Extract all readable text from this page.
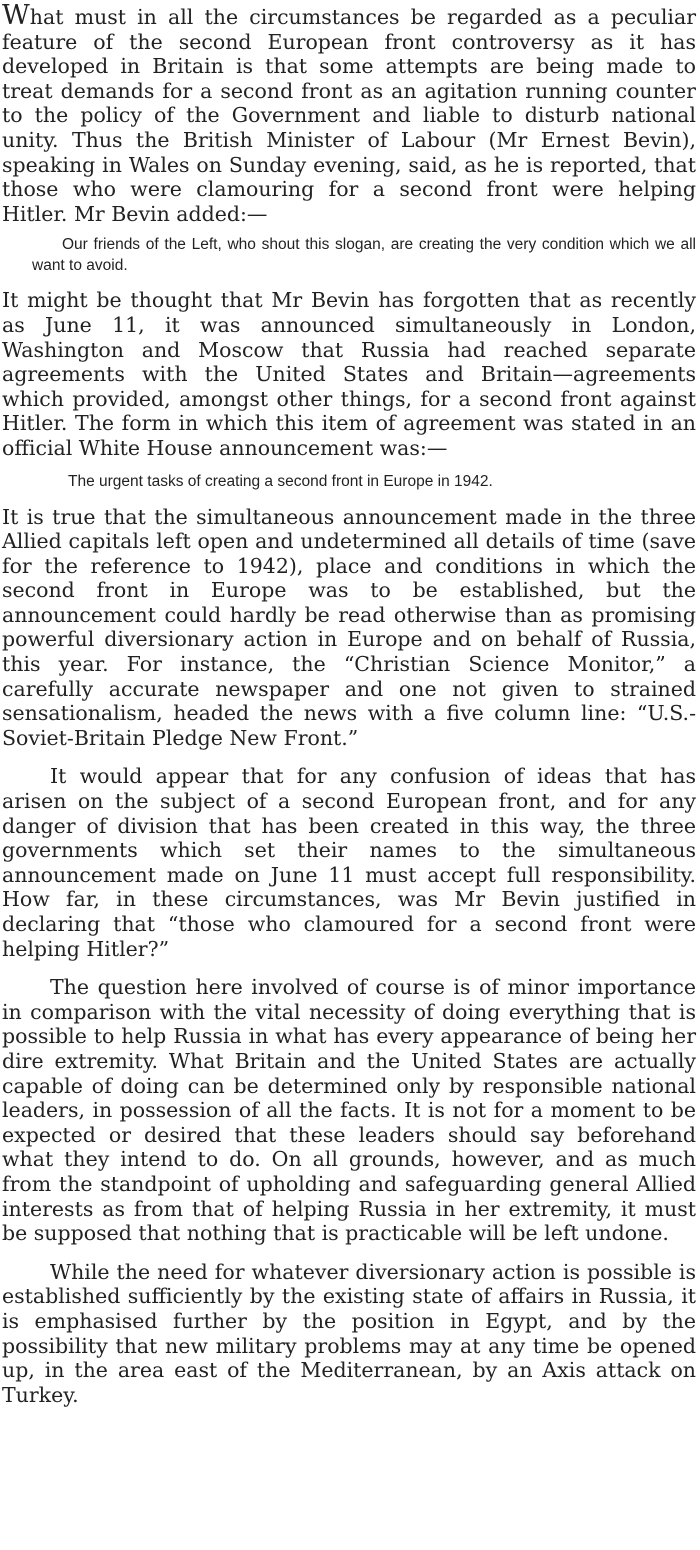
What must in all the circumstances be regarded as a peculiar feature of the second European front controversy as it has developed in Britain is that some attempts are being made to treat demands for a second front as an agitation running counter to the policy of the Government and liable to disturb national unity. Thus the British Minister of Labour (Mr Ernest Bevin), speaking in Wales on Sunday evening, said, as he is reported, that those who were clamouring for a second front were helping Hitler. Mr Bevin added:—

Our friends of the Left, who shout this slogan, are creating the very condition which we all want to avoid.

It might be thought that Mr Bevin has forgotten that as recently as June 11, it was announced simultaneously in London, Washington and Moscow that Russia had reached separate agreements with the United States and Britain—agreements which provided, amongst other things, for a second front against Hitler. The form in which this item of agreement was stated in an official White House announcement was:—

The urgent tasks of creating a second front in Europe in 1942.

It is true that the simultaneous announcement made in the three Allied capitals left open and undetermined all details of time (save for the reference to 1942), place and conditions in which the second front in Europe was to be established, but the announcement could hardly be read otherwise than as promising powerful diversionary action in Europe and on behalf of Russia, this year. For instance, the “Christian Science Monitor,” a carefully accurate newspaper and one not given to strained sensationalism, headed the news with a five column line: “U.S.-Soviet-Britain Pledge New Front.”

It would appear that for any confusion of ideas that has arisen on the subject of a second European front, and for any danger of division that has been created in this way, the three governments which set their names to the simultaneous announcement made on June 11 must accept full responsibility. How far, in these circumstances, was Mr Bevin justified in declaring that “those who clamoured for a second front were helping Hitler?”

The question here involved of course is of minor importance in comparison with the vital necessity of doing everything that is possible to help Russia in what has every appearance of being her dire extremity. What Britain and the United States are actually capable of doing can be determined only by responsible national leaders, in possession of all the facts. It is not for a moment to be expected or desired that these leaders should say beforehand what they intend to do. On all grounds, however, and as much from the standpoint of upholding and safeguarding general Allied interests as from that of helping Russia in her extremity, it must be supposed that nothing that is practicable will be left undone.

While the need for whatever diversionary action is possible is established sufficiently by the existing state of affairs in Russia, it is emphasised further by the position in Egypt, and by the possibility that new military problems may at any time be opened up, in the area east of the Mediterranean, by an Axis attack on Turkey.
